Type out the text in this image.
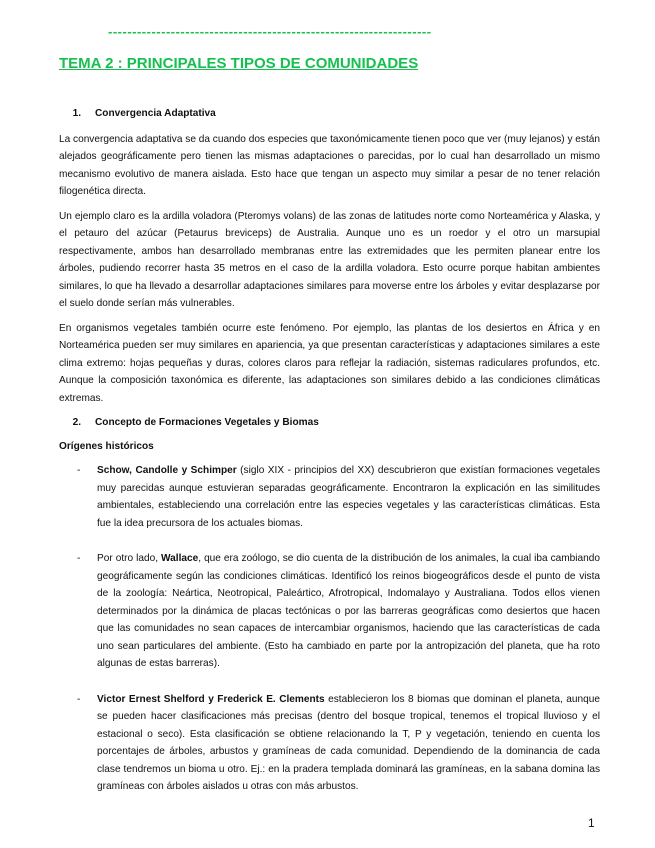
-------------------------------------------------------------------
TEMA 2 : PRINCIPALES TIPOS DE COMUNIDADES

1.	Convergencia Adaptativa

La convergencia adaptativa se da cuando dos especies que taxonómicamente tienen poco que ver (muy lejanos) y están alejados geográficamente pero tienen las mismas adaptaciones o parecidas, por lo cual han desarrollado un mismo mecanismo evolutivo de manera aislada. Esto hace que tengan un aspecto muy similar a pesar de no tener relación filogenética directa.

Un ejemplo claro es la ardilla voladora (Pteromys volans) de las zonas de latitudes norte como Norteamérica y Alaska, y el petauro del azúcar (Petaurus breviceps) de Australia. Aunque uno es un roedor y el otro un marsupial respectivamente, ambos han desarrollado membranas entre las extremidades que les permiten planear entre los árboles, pudiendo recorrer hasta 35 metros en el caso de la ardilla voladora. Esto ocurre porque habitan ambientes similares, lo que ha llevado a desarrollar adaptaciones similares para moverse entre los árboles y evitar desplazarse por el suelo donde serían más vulnerables.

En organismos vegetales también ocurre este fenómeno. Por ejemplo, las plantas de los desiertos en África y en Norteamérica pueden ser muy similares en apariencia, ya que presentan características y adaptaciones similares a este clima extremo: hojas pequeñas y duras, colores claros para reflejar la radiación, sistemas radiculares profundos, etc. Aunque la composición taxonómica es diferente, las adaptaciones son similares debido a las condiciones climáticas extremas.

2.	Concepto de Formaciones Vegetales y Biomas

Orígenes históricos

-	Schow, Candolle y Schimper (siglo XIX - principios del XX) descubrieron que existían formaciones vegetales muy parecidas aunque estuvieran separadas geográficamente. Encontraron la explicación en las similitudes ambientales, estableciendo una correlación entre las especies vegetales y las características climáticas. Esta fue la idea precursora de los actuales biomas.

-	Por otro lado, Wallace, que era zoólogo, se dio cuenta de la distribución de los animales, la cual iba cambiando geográficamente según las condiciones climáticas. Identificó los reinos biogeográficos desde el punto de vista de la zoología: Neártica, Neotropical, Paleártico, Afrotropical, Indomalayo y Australiana. Todos ellos vienen determinados por la dinámica de placas tectónicas o por las barreras geográficas como desiertos que hacen que las comunidades no sean capaces de intercambiar organismos, haciendo que las características de cada uno sean particulares del ambiente. (Esto ha cambiado en parte por la antropización del planeta, que ha roto algunas de estas barreras).

-	Victor Ernest Shelford y Frederick E. Clements establecieron los 8 biomas que dominan el planeta, aunque se pueden hacer clasificaciones más precisas (dentro del bosque tropical, tenemos el tropical lluvioso y el estacional o seco). Esta clasificación se obtiene relacionando la T, P y vegetación, teniendo en cuenta los porcentajes de árboles, arbustos y gramíneas de cada comunidad. Dependiendo de la dominancia de cada clase tendremos un bioma u otro. Ej.: en la pradera templada dominará las gramíneas, en la sabana domina las gramíneas con árboles aislados u otras con más arbustos.

1
